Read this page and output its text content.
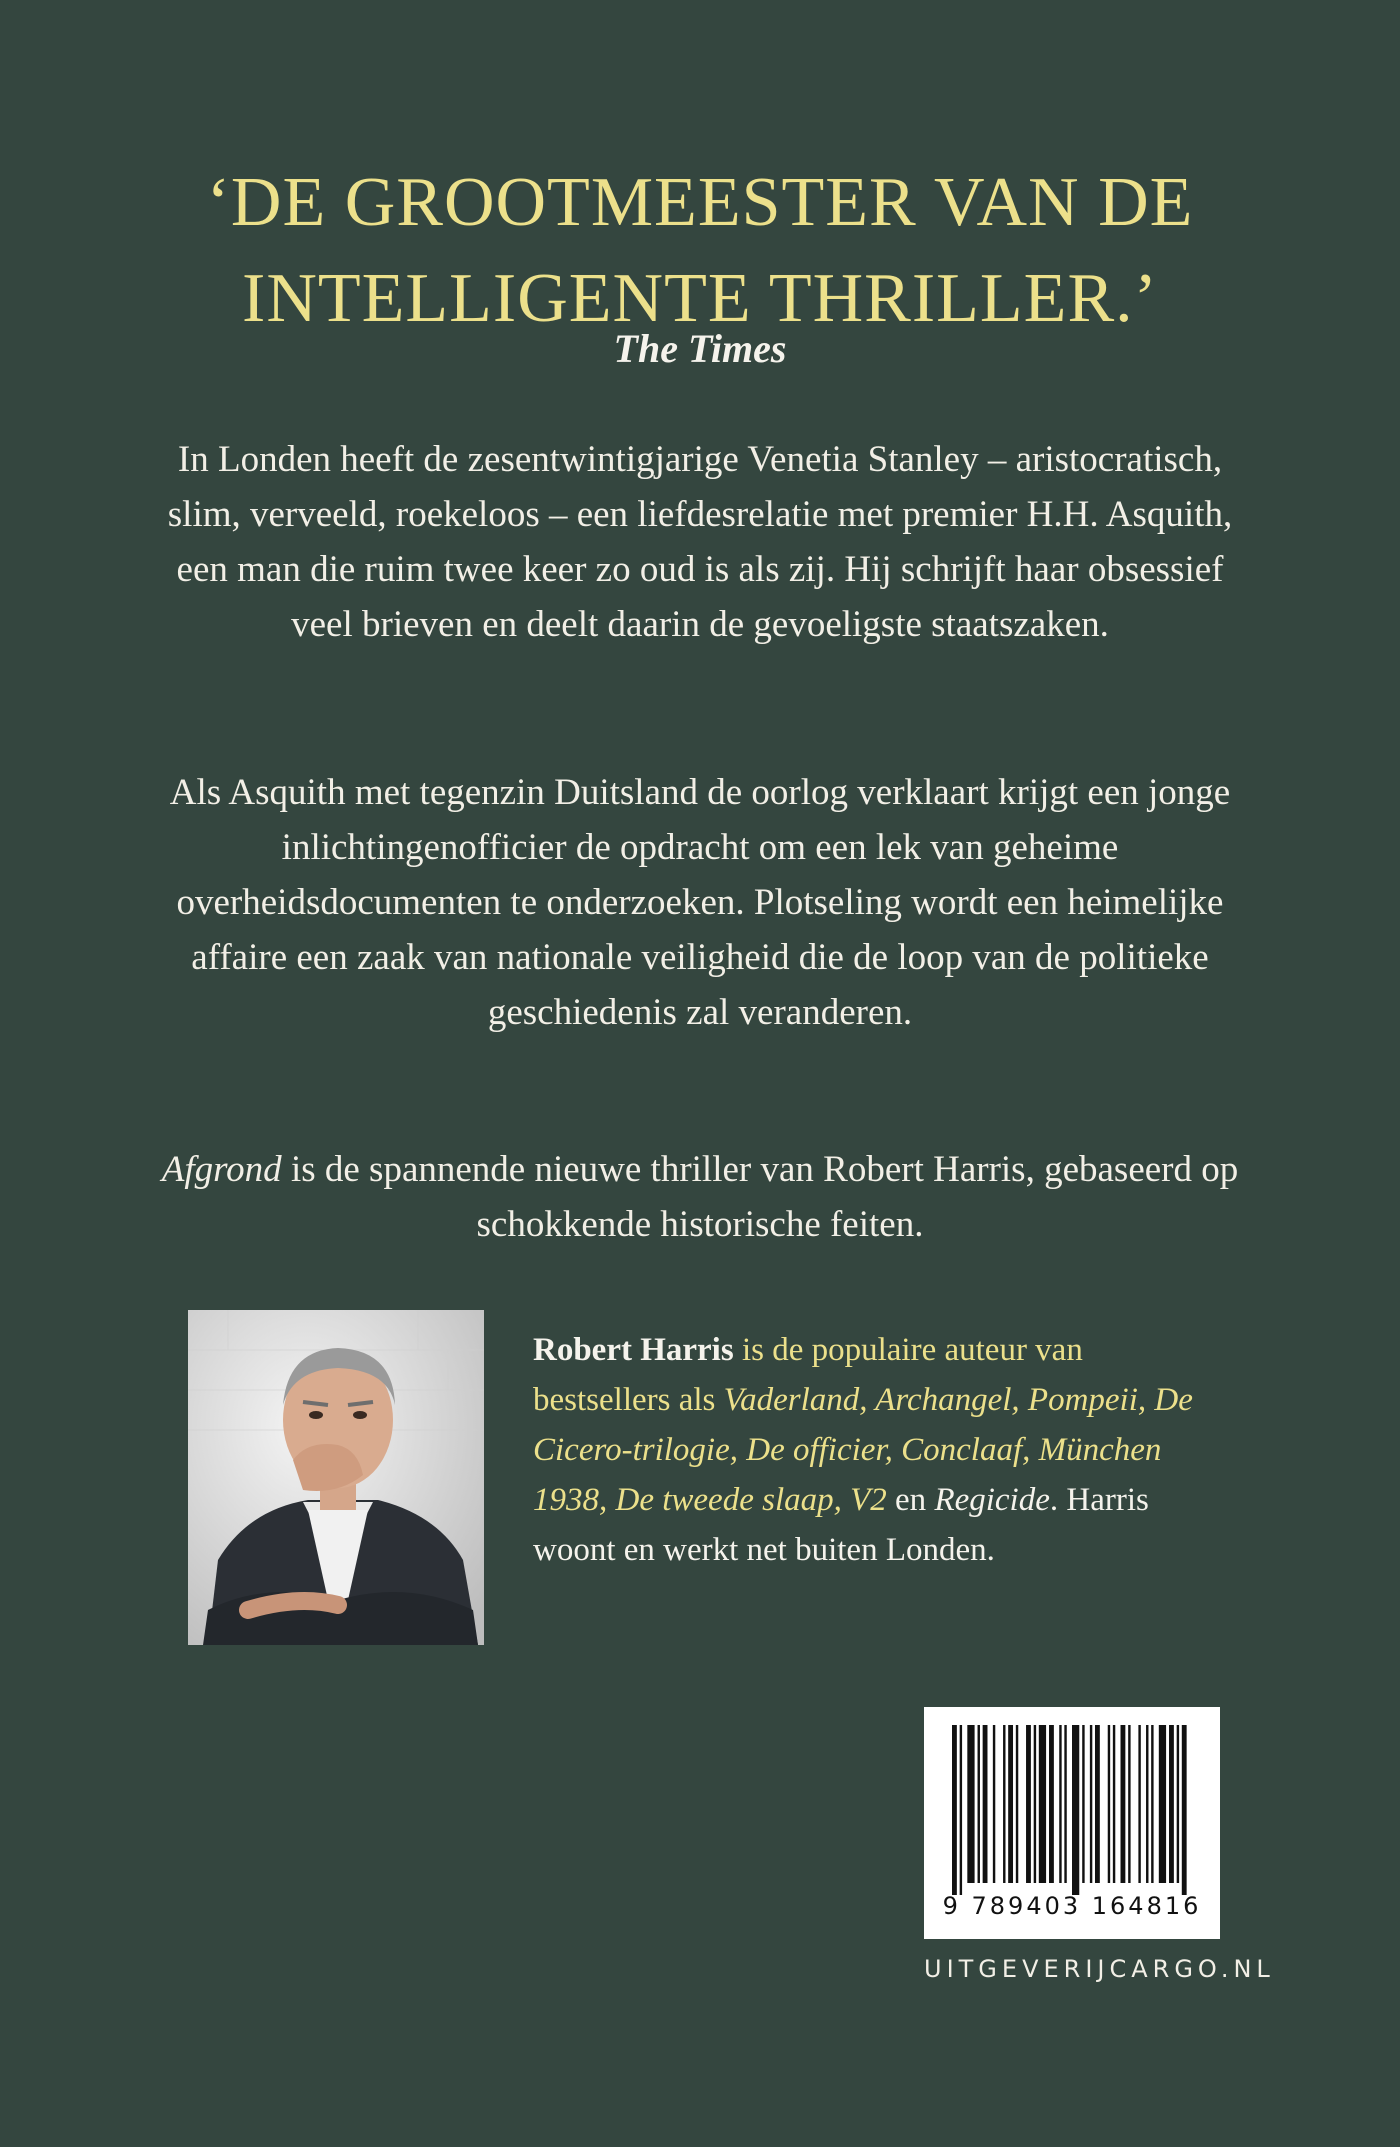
‘DE GROOTMEESTER VAN DE
INTELLIGENTE THRILLER.’
The Times

In Londen heeft de zesentwintigjarige Venetia Stanley – aristocratisch, slim, verveeld, roekeloos – een liefdesrelatie met premier H.H. Asquith, een man die ruim twee keer zo oud is als zij. Hij schrijft haar obsessief veel brieven en deelt daarin de gevoeligste staatszaken.

Als Asquith met tegenzin Duitsland de oorlog verklaart krijgt een jonge inlichtingenofficier de opdracht om een lek van geheime overheidsdocumenten te onderzoeken. Plotseling wordt een heimelijke affaire een zaak van nationale veiligheid die de loop van de politieke geschiedenis zal veranderen.

Afgrond is de spannende nieuwe thriller van Robert Harris, gebaseerd op schokkende historische feiten.

Robert Harris is de populaire auteur van bestsellers als Vaderland, Archangel, Pompeii, De Cicero-trilogie, De officier, Conclaaf, München 1938, De tweede slaap, V2 en Regicide. Harris woont en werkt net buiten Londen.

9 789403 164816
UITGEVERIJCARGO.NL
